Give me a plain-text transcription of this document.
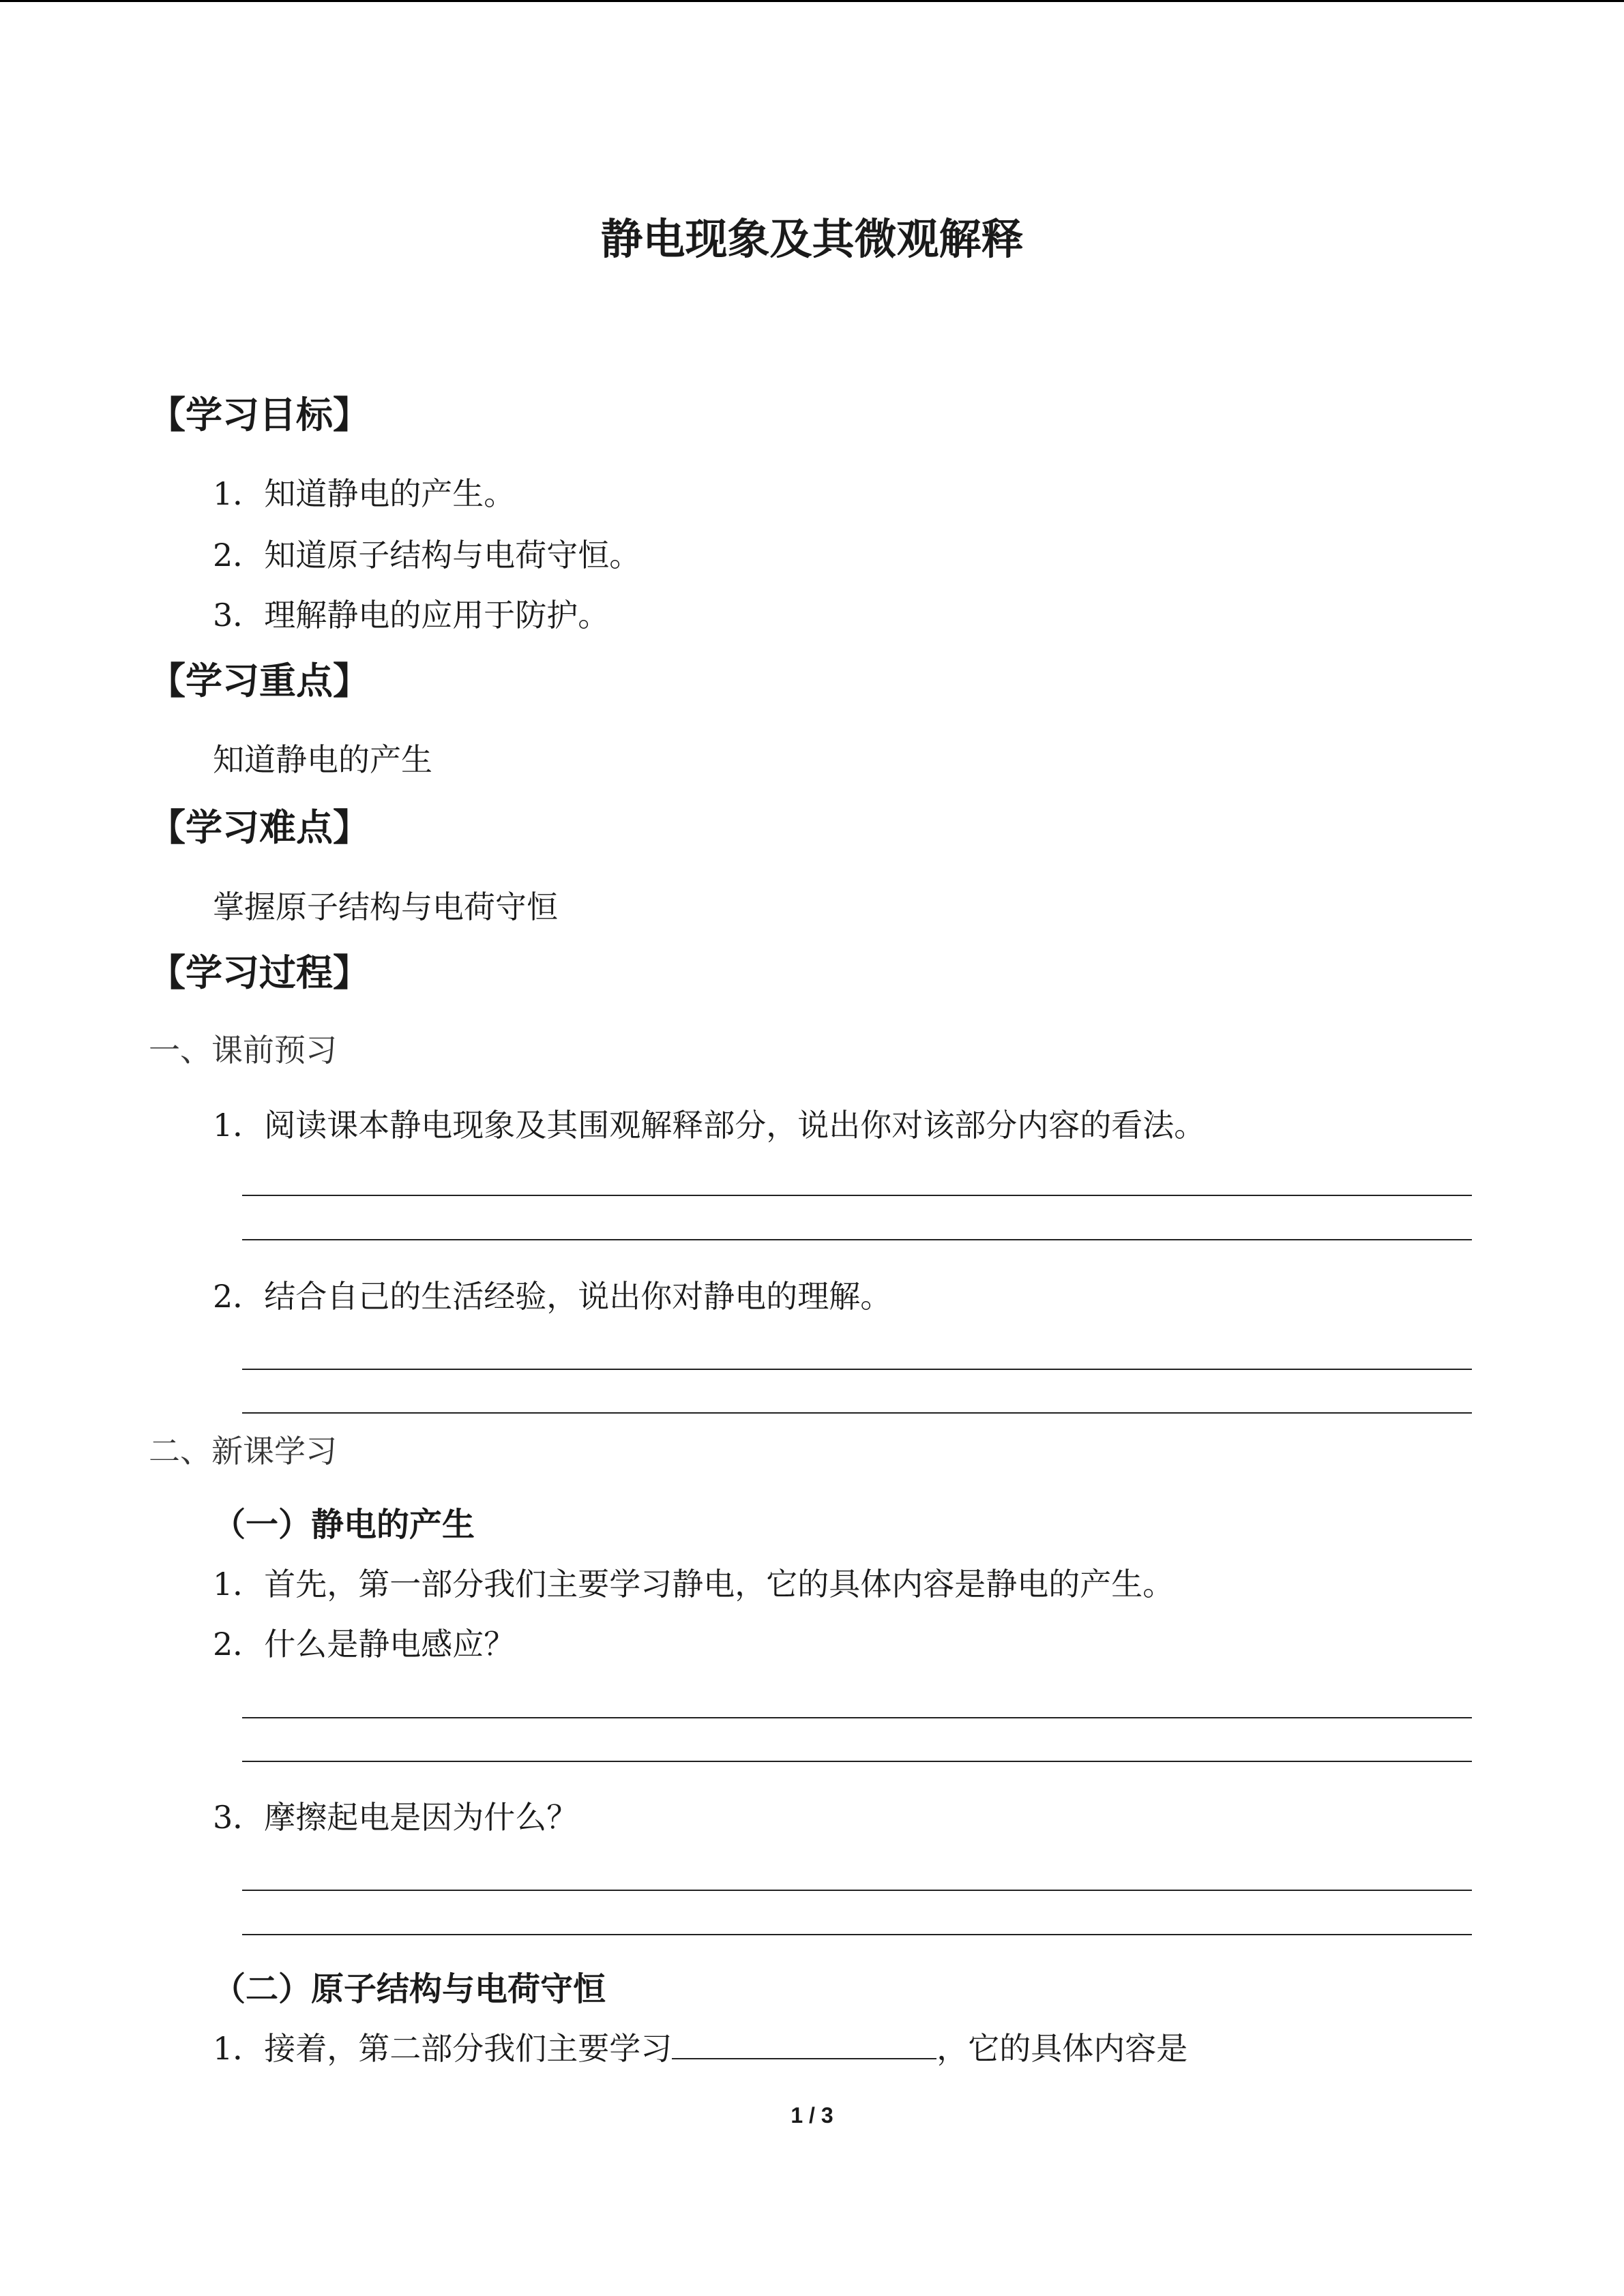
静电现象及其微观解释
【学习目标】
1．知道静电的产生。
2．知道原子结构与电荷守恒。
3．理解静电的应用于防护。
【学习重点】
知道静电的产生
【学习难点】
掌握原子结构与电荷守恒
【学习过程】
一、课前预习
1．阅读课本静电现象及其围观解释部分，说出你对该部分内容的看法。
2．结合自己的生活经验，说出你对静电的理解。
二、新课学习
（一）静电的产生
1．首先，第一部分我们主要学习静电，它的具体内容是静电的产生。
2．什么是静电感应？
3．摩擦起电是因为什么？
（二）原子结构与电荷守恒
1．接着，第二部分我们主要学习	，它的具体内容是
1 / 3
